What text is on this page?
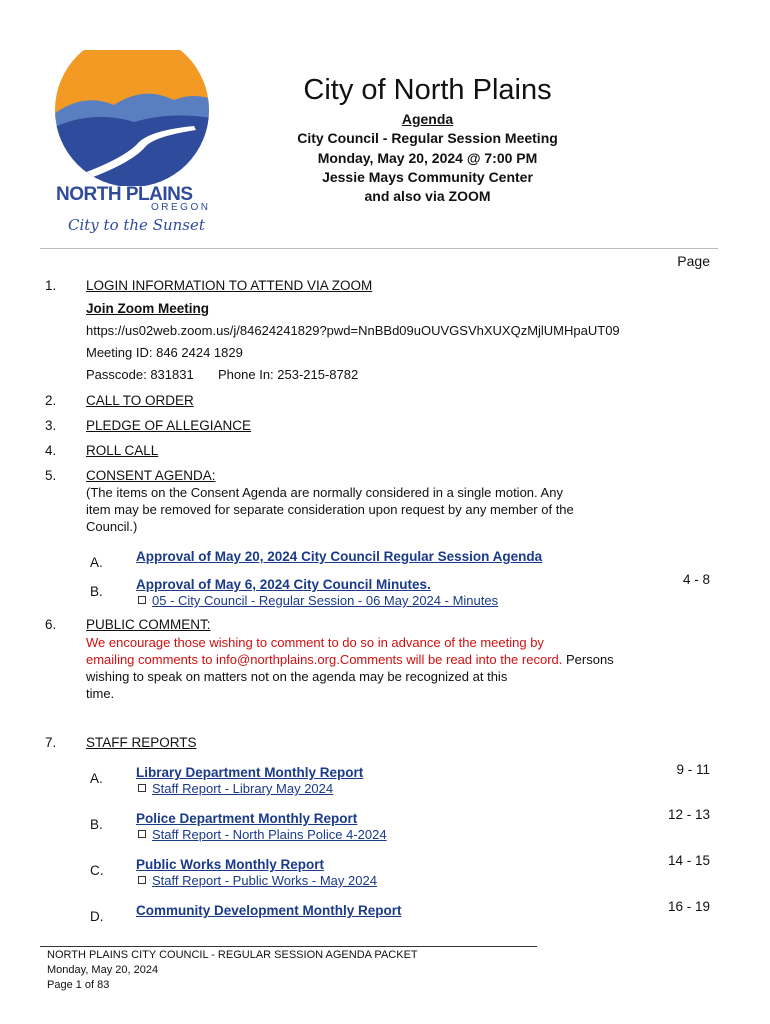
NORTH PLAINS
OREGON
City to the Sunset
City of North Plains
Agenda
City Council - Regular Session Meeting
Monday, May 20, 2024 @ 7:00 PM
Jessie Mays Community Center
and also via ZOOM
Page
1. LOGIN INFORMATION TO ATTEND VIA ZOOM
Join Zoom Meeting
https://us02web.zoom.us/j/84624241829?pwd=NnBBd09uOUVGSVhXUXQzMjlUMHpaUT09
Meeting ID: 846 2424 1829
Passcode: 831831 Phone In: 253-215-8782
2. CALL TO ORDER
3. PLEDGE OF ALLEGIANCE
4. ROLL CALL
5. CONSENT AGENDA:
(The items on the Consent Agenda are normally considered in a single motion. Any
item may be removed for separate consideration upon request by any member of the
Council.)
A. Approval of May 20, 2024 City Council Regular Session Agenda
B. Approval of May 6, 2024 City Council Minutes.
05 - City Council - Regular Session - 06 May 2024 - Minutes
4 - 8
6. PUBLIC COMMENT:
We encourage those wishing to comment to do so in advance of the meeting by
emailing comments to info@northplains.org.Comments will be read into the record. Persons
wishing to speak on matters not on the agenda may be recognized at this
time.
7. STAFF REPORTS
A. Library Department Monthly Report
Staff Report - Library May 2024
9 - 11
B. Police Department Monthly Report
Staff Report - North Plains Police 4-2024
12 - 13
C. Public Works Monthly Report
Staff Report - Public Works - May 2024
14 - 15
D. Community Development Monthly Report	16 - 19
NORTH PLAINS CITY COUNCIL - REGULAR SESSION AGENDA PACKET
Monday, May 20, 2024
Page 1 of 83
